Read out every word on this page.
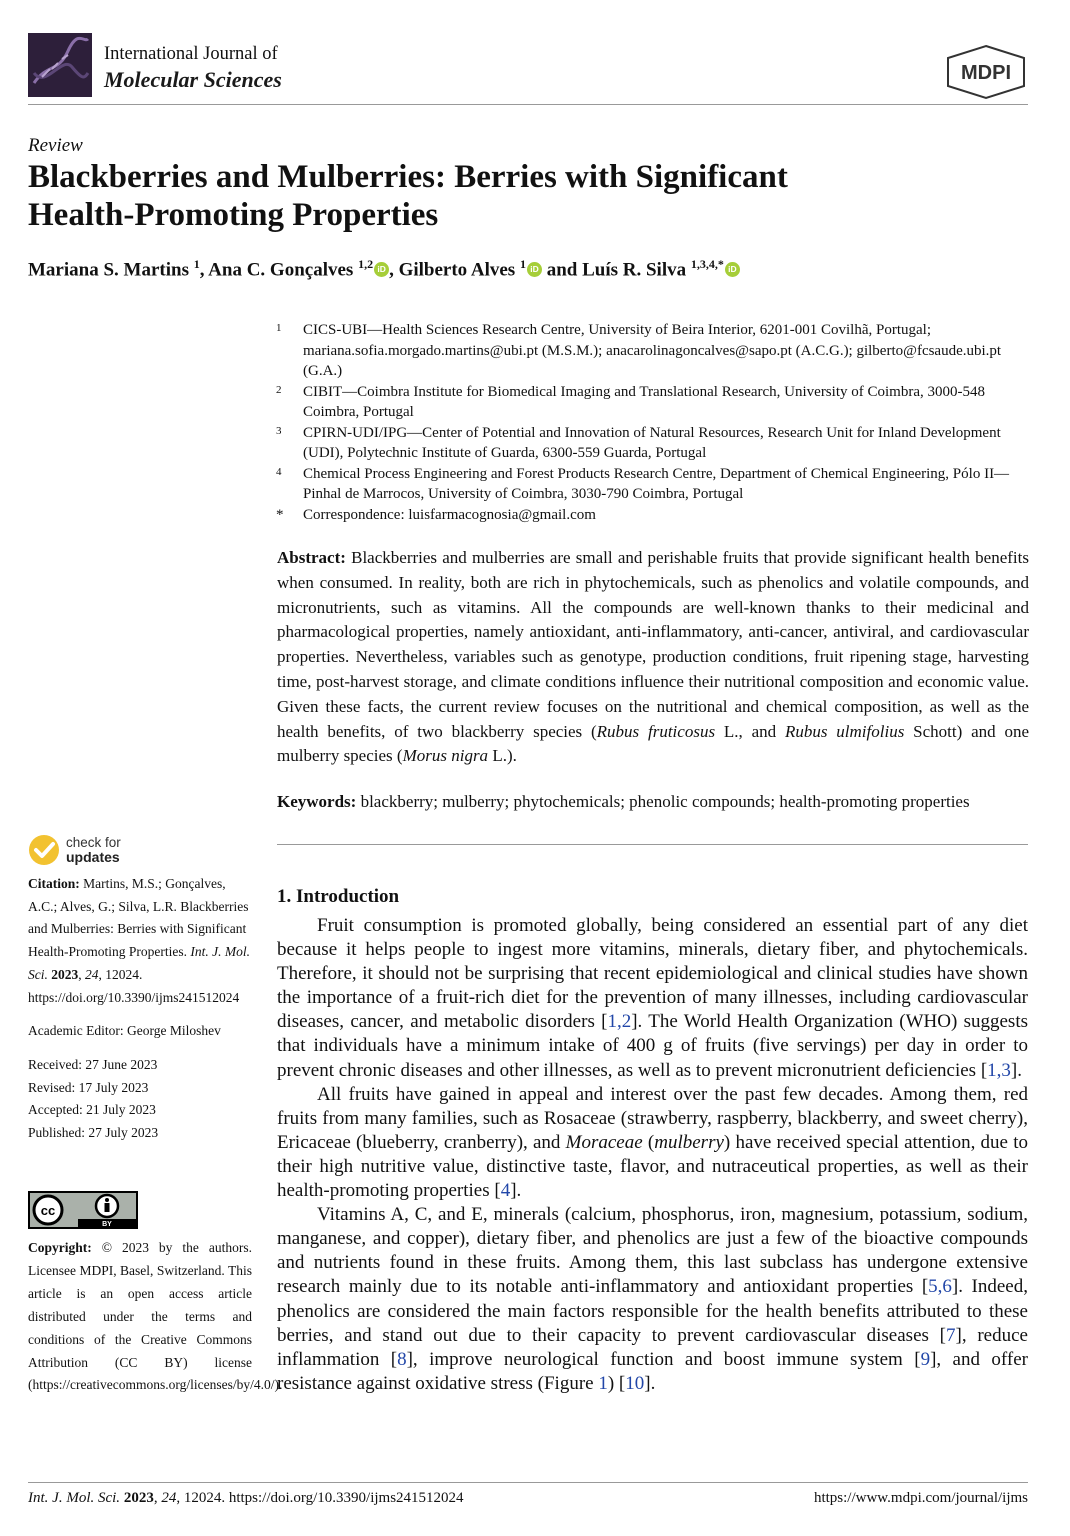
International Journal of
Molecular Sciences	MDPI
Review
Blackberries and Mulberries: Berries with Significant
Health-Promoting Properties
Mariana S. Martins $^1$, Ana C. Gonçalves $^{1,2}$ iD , Gilberto Alves $^1$ iD and Luís R. Silva $^{1,3,4,*}$ iD
1	CICS-UBI—Health Sciences Research Centre, University of Beira Interior, 6201-001 Covilhã, Portugal; mariana.sofia.morgado.martins@ubi.pt (M.S.M.); anacarolinagoncalves@sapo.pt (A.C.G.); gilberto@fcsaude.ubi.pt (G.A.)
2	CIBIT—Coimbra Institute for Biomedical Imaging and Translational Research, University of Coimbra, 3000-548 Coimbra, Portugal
3	CPIRN-UDI/IPG—Center of Potential and Innovation of Natural Resources, Research Unit for Inland Development (UDI), Polytechnic Institute of Guarda, 6300-559 Guarda, Portugal
4	Chemical Process Engineering and Forest Products Research Centre, Department of Chemical Engineering, Pólo II—Pinhal de Marrocos, University of Coimbra, 3030-790 Coimbra, Portugal
*	Correspondence: luisfarmacognosia@gmail.com
Abstract: Blackberries and mulberries are small and perishable fruits that provide significant health benefits when consumed. In reality, both are rich in phytochemicals, such as phenolics and volatile compounds, and micronutrients, such as vitamins. All the compounds are well-known thanks to their medicinal and pharmacological properties, namely antioxidant, anti-inflammatory, anti-cancer, antiviral, and cardiovascular properties. Nevertheless, variables such as genotype, production conditions, fruit ripening stage, harvesting time, post-harvest storage, and climate conditions influence their nutritional composition and economic value. Given these facts, the current review focuses on the nutritional and chemical composition, as well as the health benefits, of two blackberry species (Rubus fruticosus L., and Rubus ulmifolius Schott) and one mulberry species (Morus nigra L.).
Keywords: blackberry; mulberry; phytochemicals; phenolic compounds; health-promoting properties
check for
updates
Citation: Martins, M.S.; Gonçalves, A.C.; Alves, G.; Silva, L.R. Blackberries and Mulberries: Berries with Significant Health-Promoting Properties. Int. J. Mol. Sci. 2023, 24, 12024. https://doi.org/10.3390/ijms241512024
Academic Editor: George Miloshev
Received: 27 June 2023
Revised: 17 July 2023
Accepted: 21 July 2023
Published: 27 July 2023
cc
BY
Copyright: © 2023 by the authors. Licensee MDPI, Basel, Switzerland. This article is an open access article distributed under the terms and conditions of the Creative Commons Attribution (CC BY) license (https://creativecommons.org/licenses/by/4.0/).
1. Introduction

Fruit consumption is promoted globally, being considered an essential part of any diet because it helps people to ingest more vitamins, minerals, dietary fiber, and phytochemicals. Therefore, it should not be surprising that recent epidemiological and clinical studies have shown the importance of a fruit-rich diet for the prevention of many illnesses, including cardiovascular diseases, cancer, and metabolic disorders [1,2]. The World Health Organization (WHO) suggests that individuals have a minimum intake of 400 g of fruits (five servings) per day in order to prevent chronic diseases and other illnesses, as well as to prevent micronutrient deficiencies [1,3].

All fruits have gained in appeal and interest over the past few decades. Among them, red fruits from many families, such as Rosaceae (strawberry, raspberry, blackberry, and sweet cherry), Ericaceae (blueberry, cranberry), and Moraceae (mulberry) have received special attention, due to their high nutritive value, distinctive taste, flavor, and nutraceutical properties, as well as their health-promoting properties [4].

Vitamins A, C, and E, minerals (calcium, phosphorus, iron, magnesium, potassium, sodium, manganese, and copper), dietary fiber, and phenolics are just a few of the bioactive compounds and nutrients found in these fruits. Among them, this last subclass has undergone extensive research mainly due to its notable anti-inflammatory and antioxidant properties [5,6]. Indeed, phenolics are considered the main factors responsible for the health benefits attributed to these berries, and stand out due to their capacity to prevent cardiovascular diseases [7], reduce inflammation [8], improve neurological function and boost immune system [9], and offer resistance against oxidative stress (Figure 1) [10].

Int. J. Mol. Sci. 2023, 24, 12024. https://doi.org/10.3390/ijms241512024	https://www.mdpi.com/journal/ijms
